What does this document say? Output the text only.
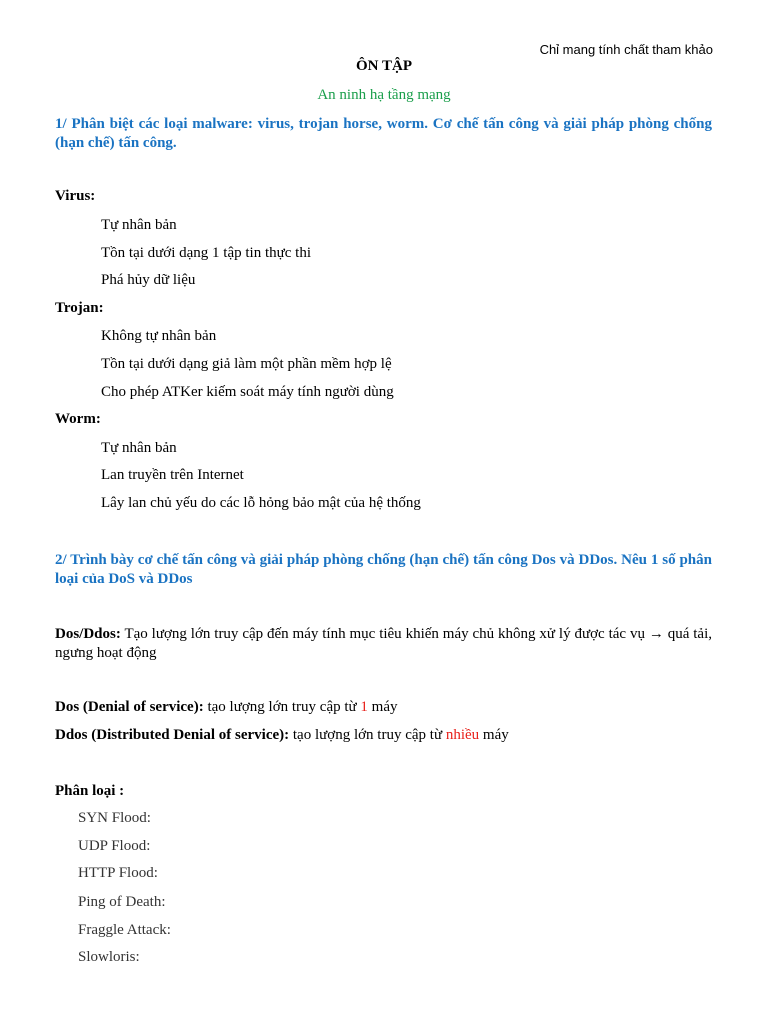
Chỉ mang tính chất tham khảo
ÔN TẬP
An ninh hạ tầng mạng
1/ Phân biệt các loại malware: virus, trojan horse, worm. Cơ chế tấn công và giải pháp phòng chống (hạn chế) tấn công.
Virus:
Tự nhân bản
Tồn tại dưới dạng 1 tập tin thực thi
Phá hủy dữ liệu
Trojan:
Không tự nhân bản
Tồn tại dưới dạng giả làm một phần mềm hợp lệ
Cho phép ATKer kiếm soát máy tính người dùng
Worm:
Tự nhân bản
Lan truyền trên Internet
Lây lan chủ yếu do các lỗ hỏng bảo mật của hệ thống
2/ Trình bày cơ chế tấn công và giải pháp phòng chống (hạn chế) tấn công Dos và DDos. Nêu 1 số phân loại của DoS và DDos
Dos/Ddos: Tạo lượng lớn truy cập đến máy tính mục tiêu khiến máy chủ không xử lý được tác vụ → quá tải, ngưng hoạt động
Dos (Denial of service): tạo lượng lớn truy cập từ 1 máy
Ddos (Distributed Denial of service): tạo lượng lớn truy cập từ nhiều máy
Phân loại :
SYN Flood:
UDP Flood:
HTTP Flood:
Ping of Death:
Fraggle Attack:
Slowloris:
